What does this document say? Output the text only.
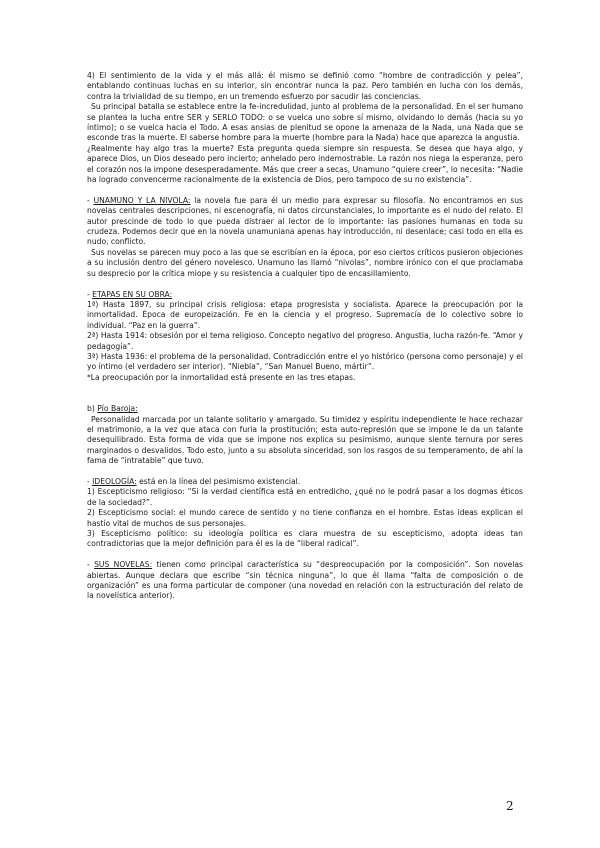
4) El sentimiento de la vida y el más allá: él mismo se definió como “hombre de contradicción y pelea”, entablando continuas luchas en su interior, sin encontrar nunca la paz. Pero también en lucha con los demás, contra la trivialidad de su tiempo, en un tremendo esfuerzo por sacudir las conciencias.

Su principal batalla se establece entre la fe-incredulidad, junto al problema de la personalidad. En el ser humano se plantea la lucha entre SER y SERLO TODO: o se vuelca uno sobre sí mismo, olvidando lo demás (hacia su yo íntimo); o se vuelca hacia el Todo. A esas ansias de plenitud se opone la amenaza de la Nada, una Nada que se esconde tras la muerte. El saberse hombre para la muerte (hombre para la Nada) hace que aparezca la angustia.

¿Realmente hay algo tras la muerte? Esta pregunta queda siempre sin respuesta. Se desea que haya algo, y aparece Dios, un Dios deseado pero incierto; anhelado pero indemostrable. La razón nos niega la esperanza, pero el corazón nos la impone desesperadamente. Más que creer a secas, Unamuno “quiere creer”, lo necesita: “Nadie ha logrado convencerme racionalmente de la existencia de Dios, pero tampoco de su no existencia”.

- UNAMUNO Y LA NIVOLA: la novela fue para él un medio para expresar su filosofía. No encontramos en sus novelas centrales descripciones, ni escenografía, ni datos circunstanciales, lo importante es el nudo del relato. El autor prescinde de todo lo que pueda distraer al lector de lo importante: las pasiones humanas en toda su crudeza. Podemos decir que en la novela unamuniana apenas hay introducción, ni desenlace; casi todo en ella es nudo, conflicto.

Sus novelas se parecen muy poco a las que se escribían en la época, por eso ciertos críticos pusieron objeciones a su inclusión dentro del género novelesco. Unamuno las llamó “nivolas”, nombre irónico con el que proclamaba su desprecio por la crítica miope y su resistencia a cualquier tipo de encasillamiento.

- ETAPAS EN SU OBRA:

1ª) Hasta 1897, su principal crisis religiosa: etapa progresista y socialista. Aparece la preocupación por la inmortalidad. Época de europeización. Fe en la ciencia y el progreso. Supremacía de lo colectivo sobre lo individual. “Paz en la guerra”.

2ª) Hasta 1914: obsesión por el tema religioso. Concepto negativo del progreso. Angustia, lucha razón-fe. “Amor y pedagogía”.

3ª) Hasta 1936: el problema de la personalidad. Contradicción entre el yo histórico (persona como personaje) y el yo íntimo (el verdadero ser interior). “Niebla”, “San Manuel Bueno, mártir”.

*La preocupación por la inmortalidad está presente en las tres etapas.

b) Pío Baroja:

Personalidad marcada por un talante solitario y amargado. Su timidez y espíritu independiente le hace rechazar el matrimonio, a la vez que ataca con furia la prostitución; esta auto-represión que se impone le da un talante desequilibrado. Esta forma de vida que se impone nos explica su pesimismo, aunque siente ternura por seres marginados o desvalidos. Todo esto, junto a su absoluta sinceridad, son los rasgos de su temperamento, de ahí la fama de “intratable” que tuvo.

- IDEOLOGÍA: está en la línea del pesimismo existencial.

1) Escepticismo religioso: “Si la verdad científica está en entredicho, ¿qué no le podrá pasar a los dogmas éticos de la sociedad?”.

2) Escepticismo social: el mundo carece de sentido y no tiene confianza en el hombre. Estas ideas explican el hastío vital de muchos de sus personajes.

3) Escepticismo político: su ideología política es clara muestra de su escepticismo, adopta ideas tan contradictorias que la mejor definición para él es la de “liberal radical”.

- SUS NOVELAS: tienen como principal característica su “despreocupación por la composición”. Son novelas abiertas. Aunque declara que escribe “sin técnica ninguna”, lo que él llama “falta de composición o de organización” es una forma particular de componer (una novedad en relación con la estructuración del relato de la novelística anterior).

2
